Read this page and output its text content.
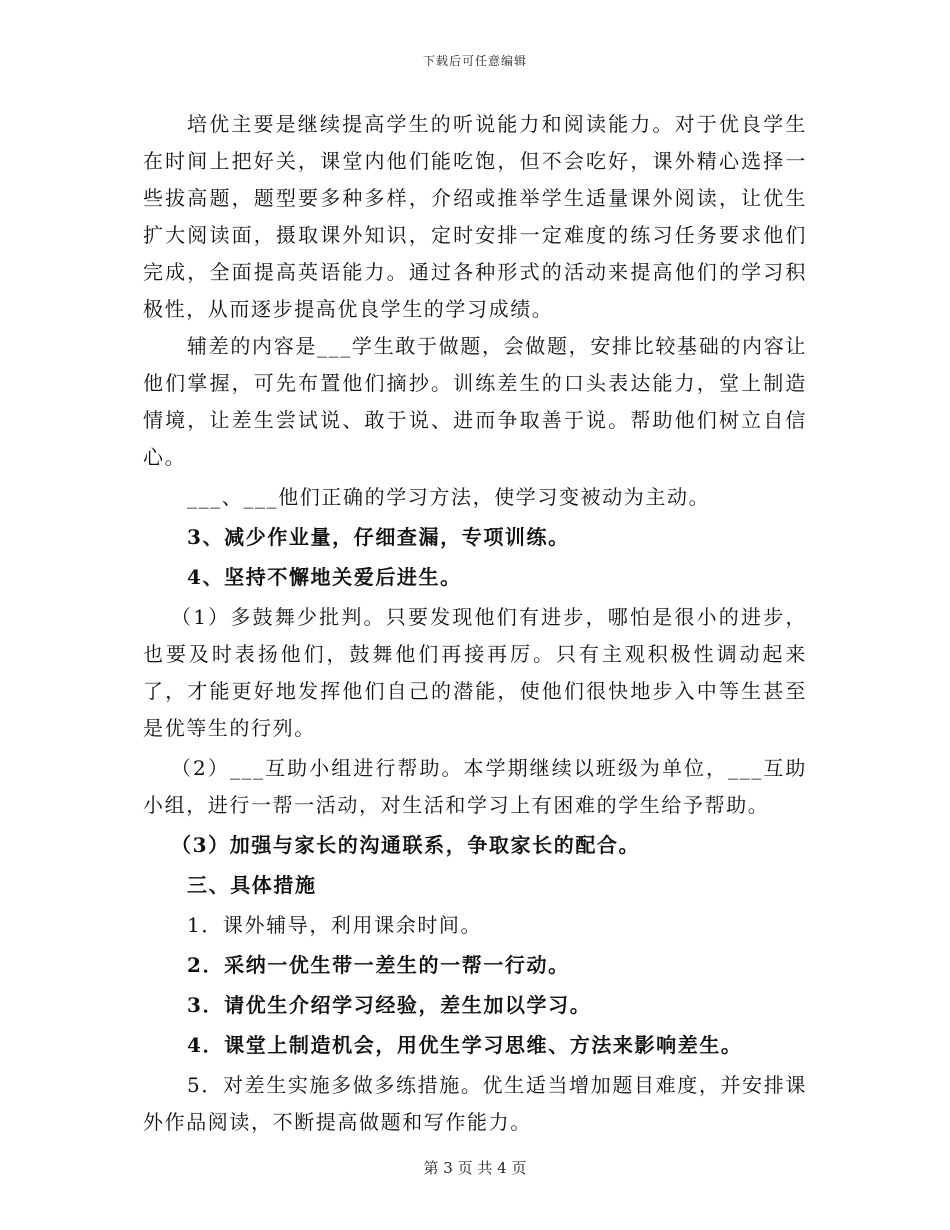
下载后可任意编辑

培优主要是继续提高学生的听说能力和阅读能力。对于优良学生在时间上把好关，课堂内他们能吃饱，但不会吃好，课外精心选择一些拔高题，题型要多种多样，介绍或推举学生适量课外阅读，让优生扩大阅读面，摄取课外知识，定时安排一定难度的练习任务要求他们完成，全面提高英语能力。通过各种形式的活动来提高他们的学习积极性，从而逐步提高优良学生的学习成绩。

辅差的内容是___学生敢于做题，会做题，安排比较基础的内容让他们掌握，可先布置他们摘抄。训练差生的口头表达能力，堂上制造情境，让差生尝试说、敢于说、进而争取善于说。帮助他们树立自信心。

___、___他们正确的学习方法，使学习变被动为主动。

3、减少作业量，仔细查漏，专项训练。

4、坚持不懈地关爱后进生。

（1）多鼓舞少批判。只要发现他们有进步，哪怕是很小的进步，也要及时表扬他们，鼓舞他们再接再厉。只有主观积极性调动起来了，才能更好地发挥他们自己的潜能，使他们很快地步入中等生甚至是优等生的行列。

（2）___互助小组进行帮助。本学期继续以班级为单位，___互助小组，进行一帮一活动，对生活和学习上有困难的学生给予帮助。

（3）加强与家长的沟通联系，争取家长的配合。

三、具体措施

1．课外辅导，利用课余时间。

2．采纳一优生带一差生的一帮一行动。

3．请优生介绍学习经验，差生加以学习。

4．课堂上制造机会，用优生学习思维、方法来影响差生。

5．对差生实施多做多练措施。优生适当增加题目难度，并安排课外作品阅读，不断提高做题和写作能力。

第 3 页 共 4 页
